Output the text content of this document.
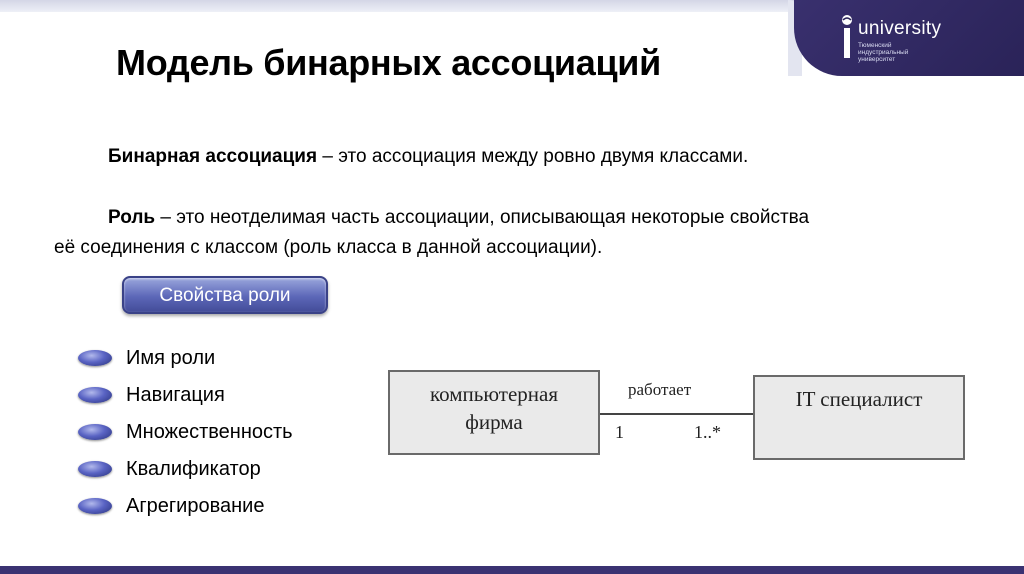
university
Тюменский
индустриальный
университет
Модель бинарных ассоциаций
Бинарная ассоциация – это ассоциация между ровно двумя классами.
Роль – это неотделимая часть ассоциации, описывающая некоторые свойства
её соединения с классом (роль класса в данной ассоциации).
Свойства роли
Имя роли
Навигация
Множественность
Квалификатор
Агрегирование
компьютерная
фирма
работает
1	1..*
IT специалист
